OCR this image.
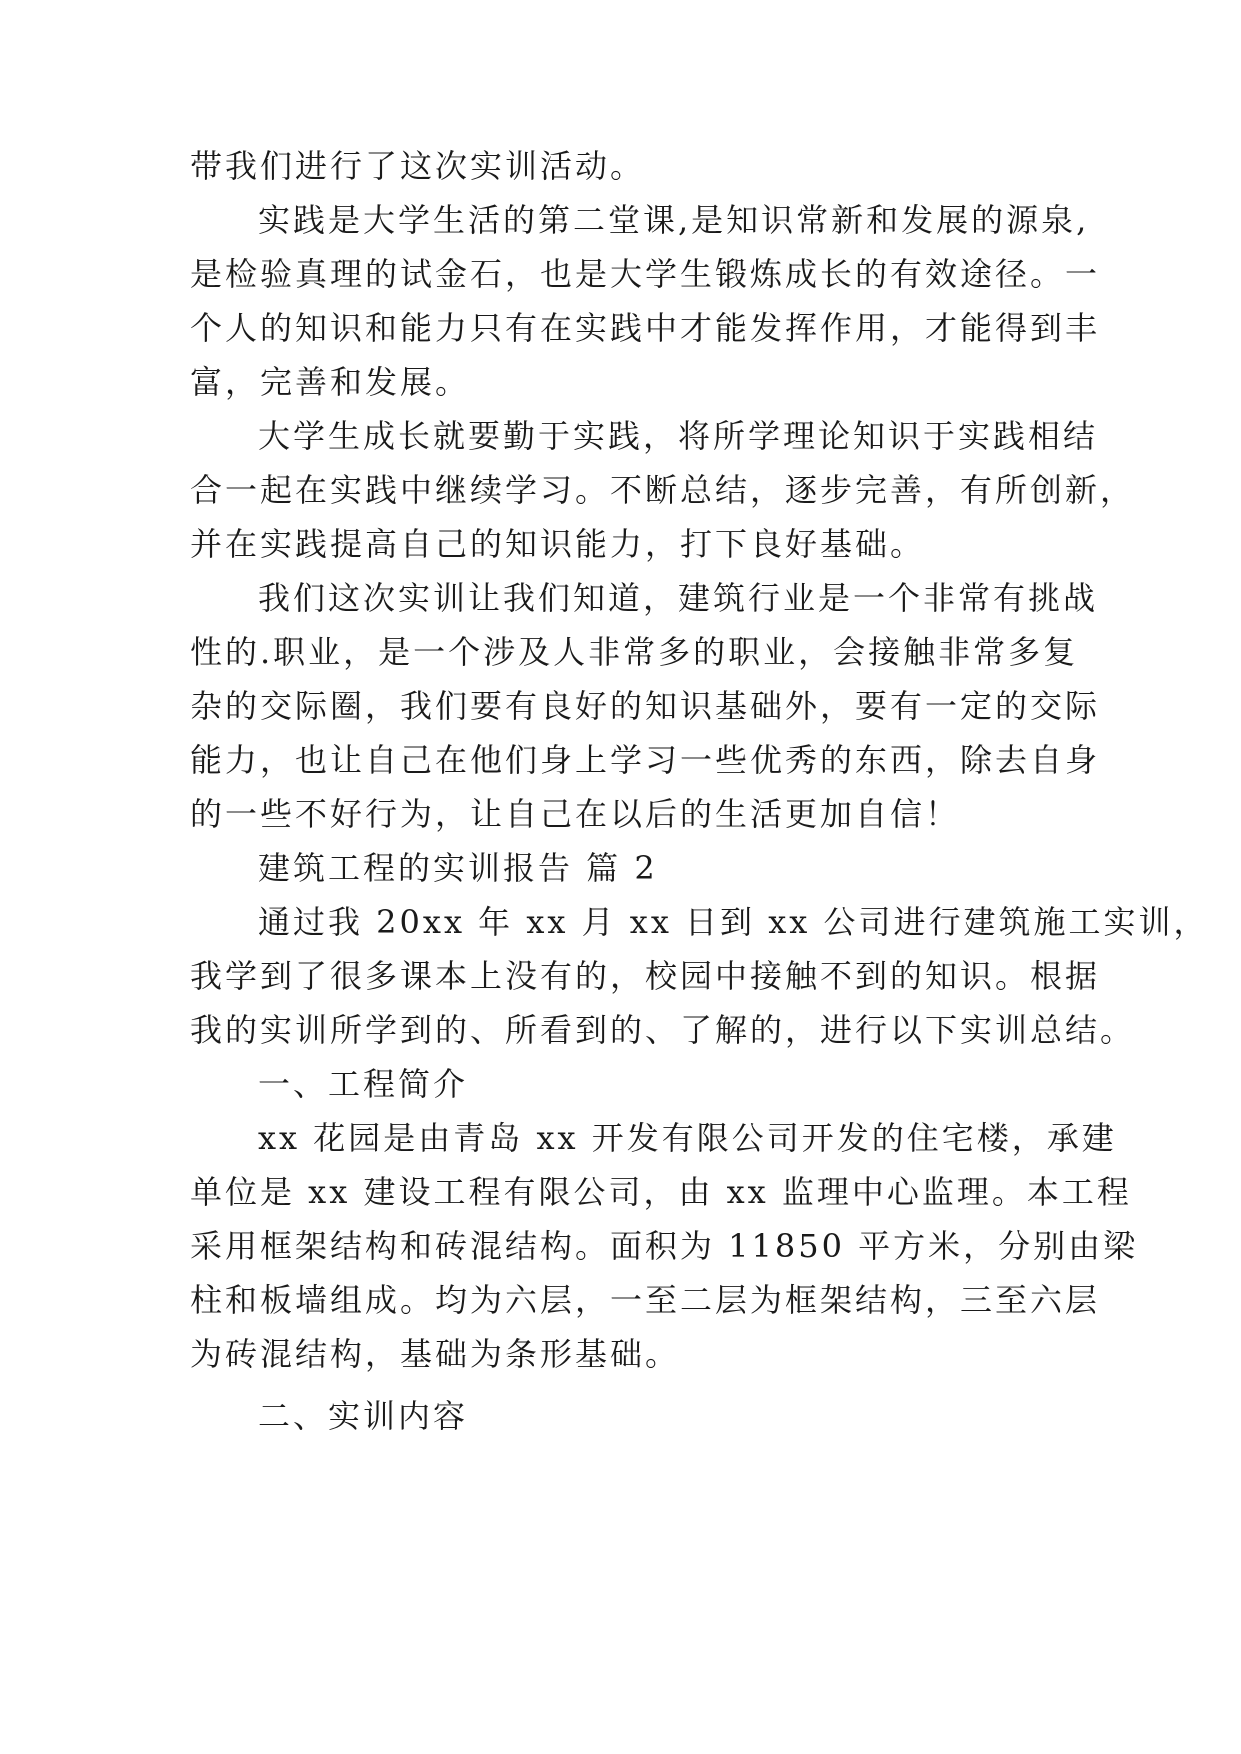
带我们进行了这次实训活动。
实践是大学生活的第二堂课,是知识常新和发展的源泉,
是检验真理的试金石，也是大学生锻炼成长的有效途径。一
个人的知识和能力只有在实践中才能发挥作用，才能得到丰
富，完善和发展。
大学生成长就要勤于实践，将所学理论知识于实践相结
合一起在实践中继续学习。不断总结，逐步完善，有所创新，
并在实践提高自己的知识能力，打下良好基础。
我们这次实训让我们知道，建筑行业是一个非常有挑战
性的.职业，是一个涉及人非常多的职业，会接触非常多复
杂的交际圈，我们要有良好的知识基础外，要有一定的交际
能力，也让自己在他们身上学习一些优秀的东西，除去自身
的一些不好行为，让自己在以后的生活更加自信！
建筑工程的实训报告 篇 2
通过我 20xx 年 xx 月 xx 日到 xx 公司进行建筑施工实训，
我学到了很多课本上没有的，校园中接触不到的知识。根据
我的实训所学到的、所看到的、了解的，进行以下实训总结。
一、工程简介
xx 花园是由青岛 xx 开发有限公司开发的住宅楼，承建
单位是 xx 建设工程有限公司，由 xx 监理中心监理。本工程
采用框架结构和砖混结构。面积为 11850 平方米，分别由梁
柱和板墙组成。均为六层，一至二层为框架结构，三至六层
为砖混结构，基础为条形基础。
二、实训内容
